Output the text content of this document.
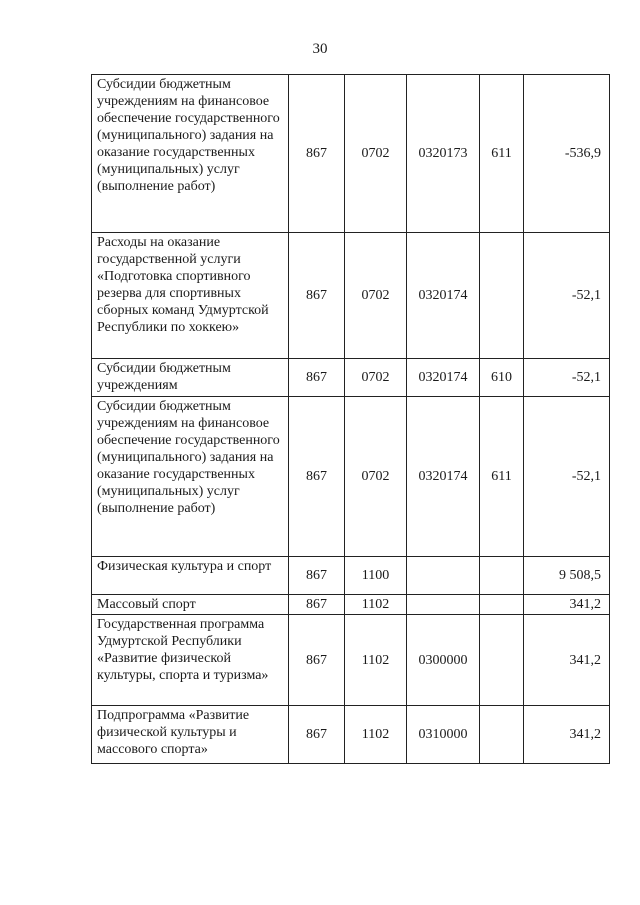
30
Субсидии бюджетным учреждениям на финансовое обеспечение государственного (муниципального) задания на оказание государственных (муниципальных) услуг (выполнение работ)	867	0702	0320173	611	-536,9
Расходы на оказание государственной услуги «Подготовка спортивного резерва для спортивных сборных команд Удмуртской Республики по хоккею»	867	0702	0320174		-52,1
Субсидии бюджетным учреждениям	867	0702	0320174	610	-52,1
Субсидии бюджетным учреждениям на финансовое обеспечение государственного (муниципального) задания на оказание государственных (муниципальных) услуг (выполнение работ)	867	0702	0320174	611	-52,1
Физическая культура и спорт	867	1100			9 508,5
Массовый спорт	867	1102			341,2
Государственная программа Удмуртской Республики «Развитие физической культуры, спорта и туризма»	867	1102	0300000		341,2
Подпрограмма «Развитие физической культуры и массового спорта»	867	1102	0310000		341,2
